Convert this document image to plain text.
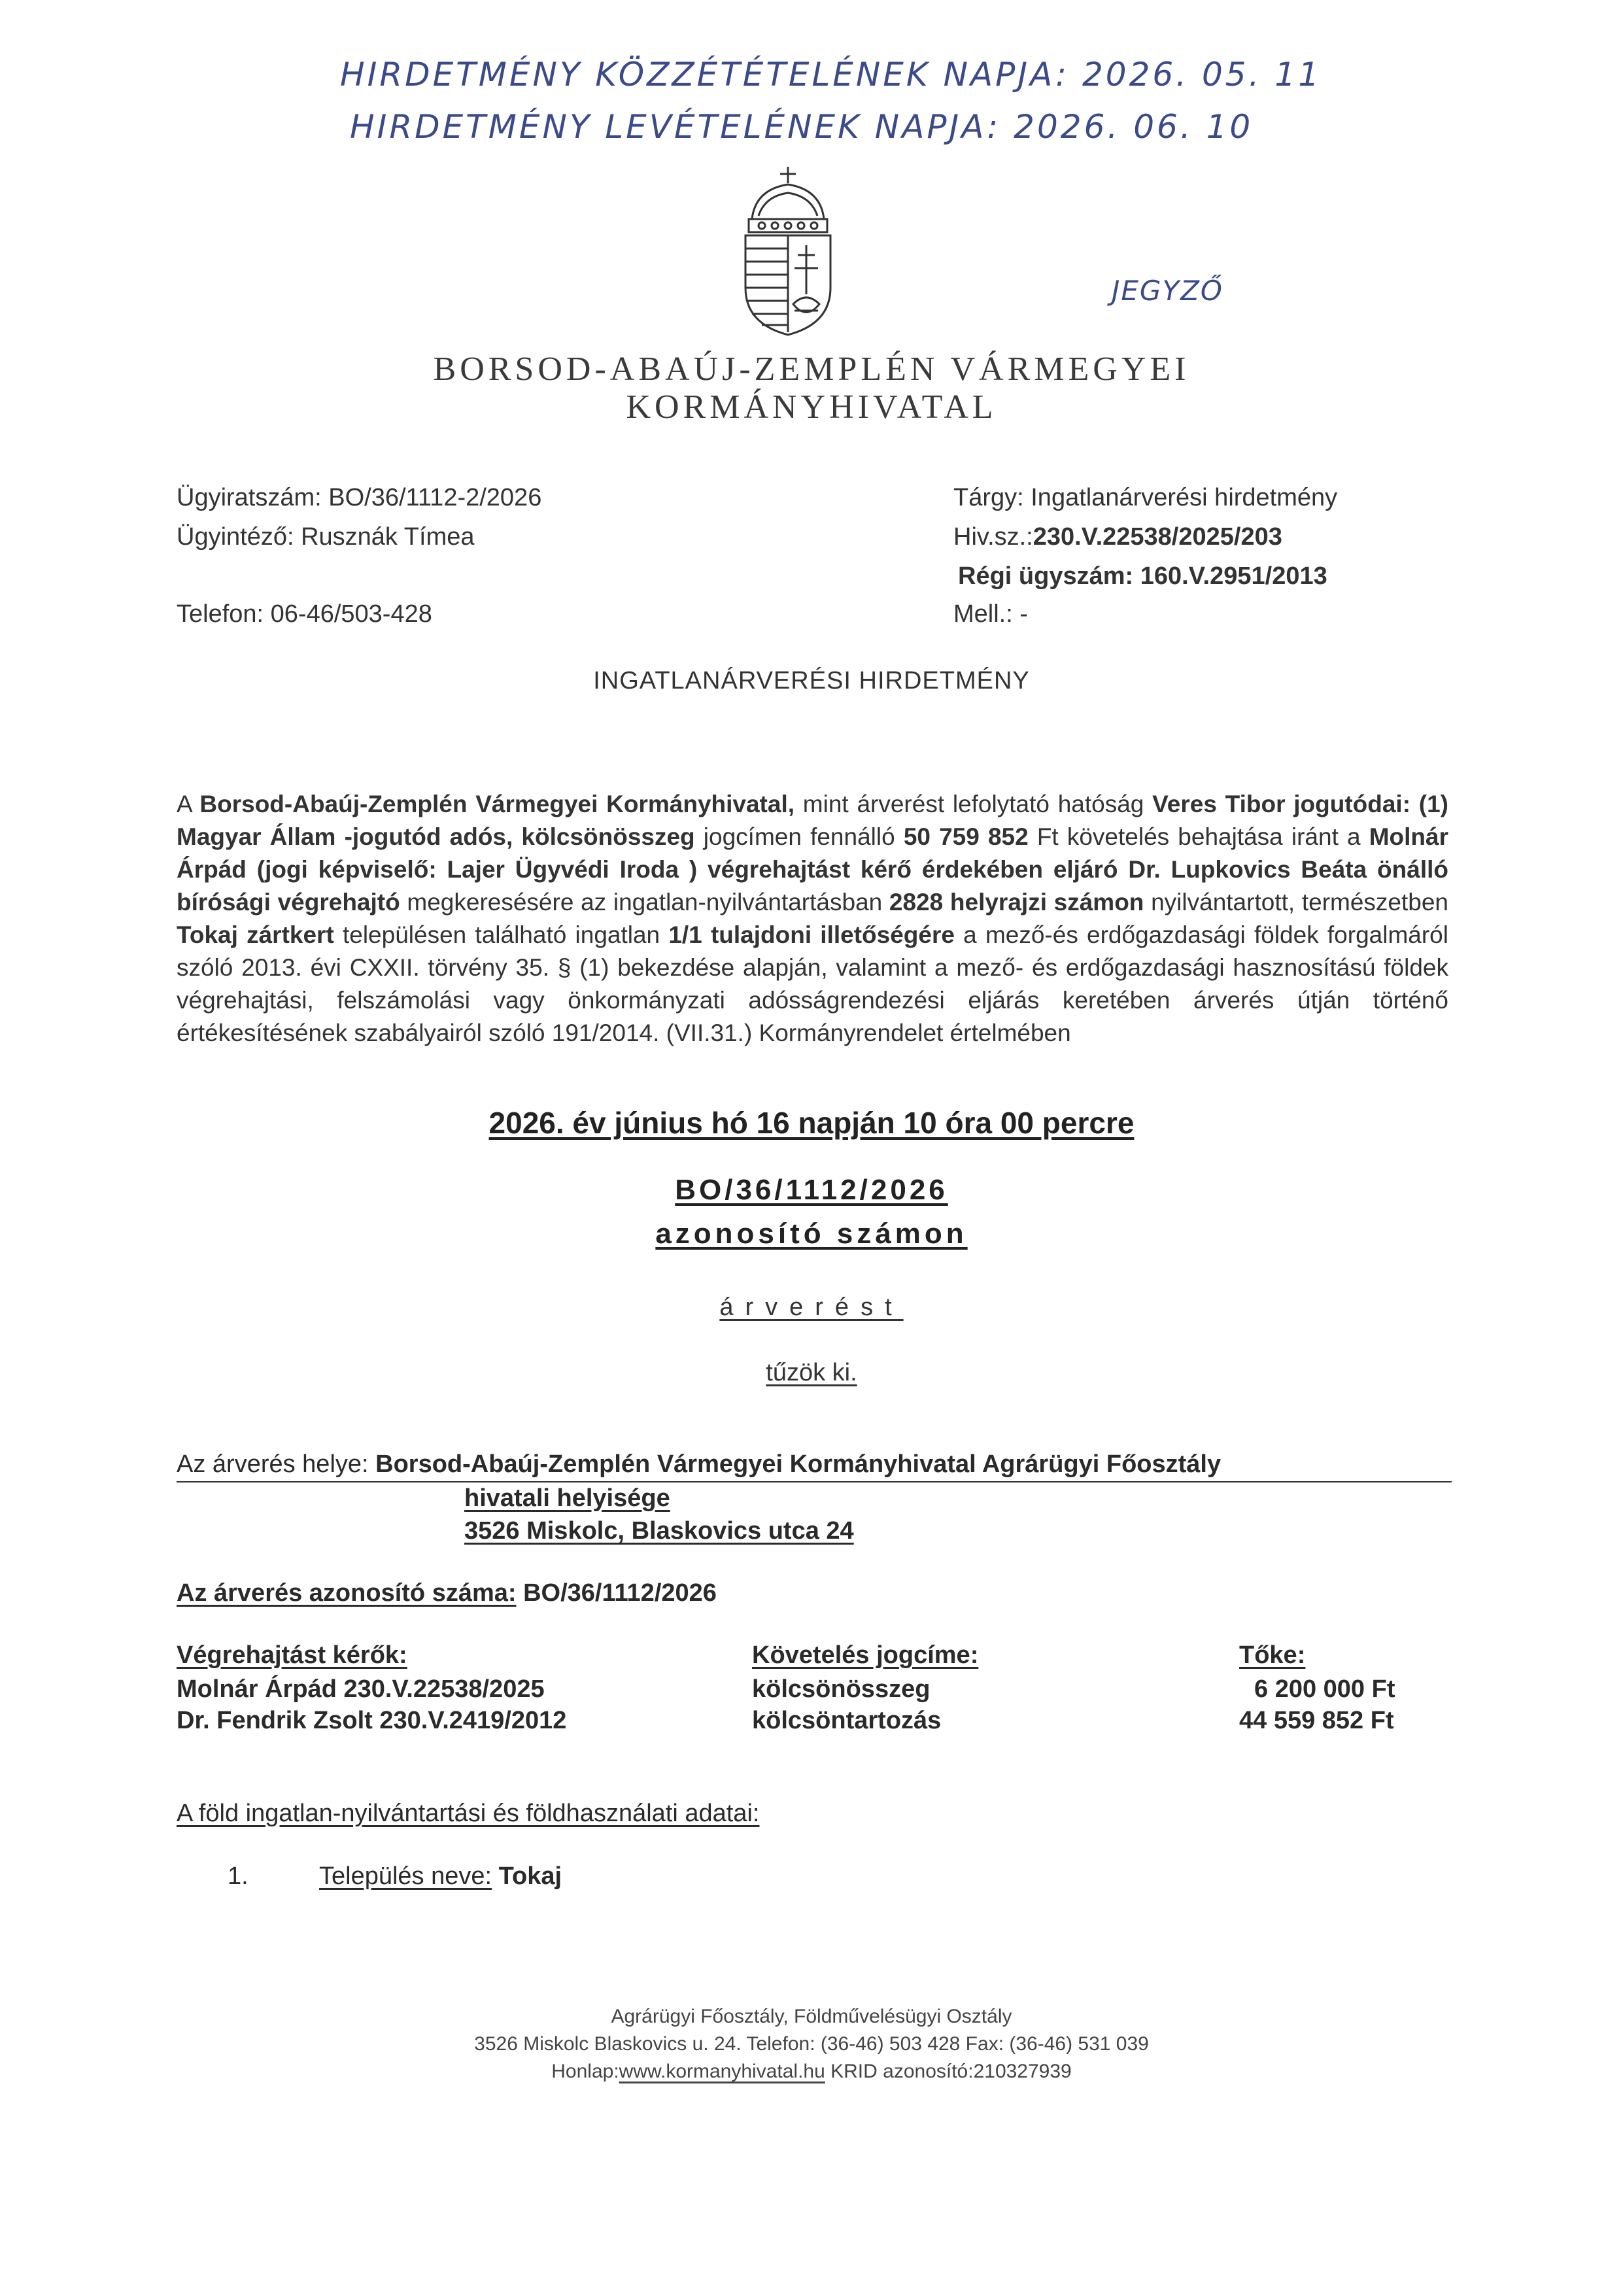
HIRDETMÉNY KÖZZÉTÉTELÉNEK NAPJA: 2026. 05. 11
HIRDETMÉNY LEVÉTELÉNEK NAPJA: 2026. 06. 10
JEGYZŐ
BORSOD-ABAÚJ-ZEMPLÉN VÁRMEGYEI
KORMÁNYHIVATAL
Ügyiratszám: BO/36/1112-2/2026
Ügyintéző: Rusznák Tímea
Telefon: 06-46/503-428
Tárgy: Ingatlanárverési hirdetmény
Hiv.sz.:230.V.22538/2025/203
Régi ügyszám: 160.V.2951/2013
Mell.: -
INGATLANÁRVERÉSI HIRDETMÉNY
A Borsod-Abaúj-Zemplén Vármegyei Kormányhivatal, mint árverést lefolytató hatóság Veres Tibor jogutódai: (1) Magyar Állam -jogutód adós, kölcsönösszeg jogcímen fennálló 50 759 852 Ft követelés behajtása iránt a Molnár Árpád (jogi képviselő: Lajer Ügyvédi Iroda ) végrehajtást kérő érdekében eljáró Dr. Lupkovics Beáta önálló bírósági végrehajtó megkeresésére az ingatlan-nyilvántartásban 2828 helyrajzi számon nyilvántartott, természetben Tokaj zártkert településen található ingatlan 1/1 tulajdoni illetőségére a mező-és erdőgazdasági földek forgalmáról szóló 2013. évi CXXII. törvény 35. § (1) bekezdése alapján, valamint a mező- és erdőgazdasági hasznosítású földek végrehajtási, felszámolási vagy önkormányzati adósságrendezési eljárás keretében árverés útján történő értékesítésének szabályairól szóló 191/2014. (VII.31.) Kormányrendelet értelmében
2026. év június hó 16 napján 10 óra 00 percre
BO/36/1112/2026
azonosító számon
árverést
tűzök ki.
Az árverés helye: Borsod-Abaúj-Zemplén Vármegyei Kormányhivatal Agrárügyi Főosztály
hivatali helyisége
3526 Miskolc, Blaskovics utca 24
Az árverés azonosító száma: BO/36/1112/2026
Végrehajtást kérők:	Követelés jogcíme:	Tőke:
Molnár Árpád 230.V.22538/2025	kölcsönösszeg	6 200 000 Ft
Dr. Fendrik Zsolt 230.V.2419/2012	kölcsöntartozás	44 559 852 Ft
A föld ingatlan-nyilvántartási és földhasználati adatai:
1.	Település neve: Tokaj
Agrárügyi Főosztály, Földművelésügyi Osztály
3526 Miskolc Blaskovics u. 24. Telefon: (36-46) 503 428 Fax: (36-46) 531 039
Honlap:www.kormanyhivatal.hu KRID azonosító:210327939
